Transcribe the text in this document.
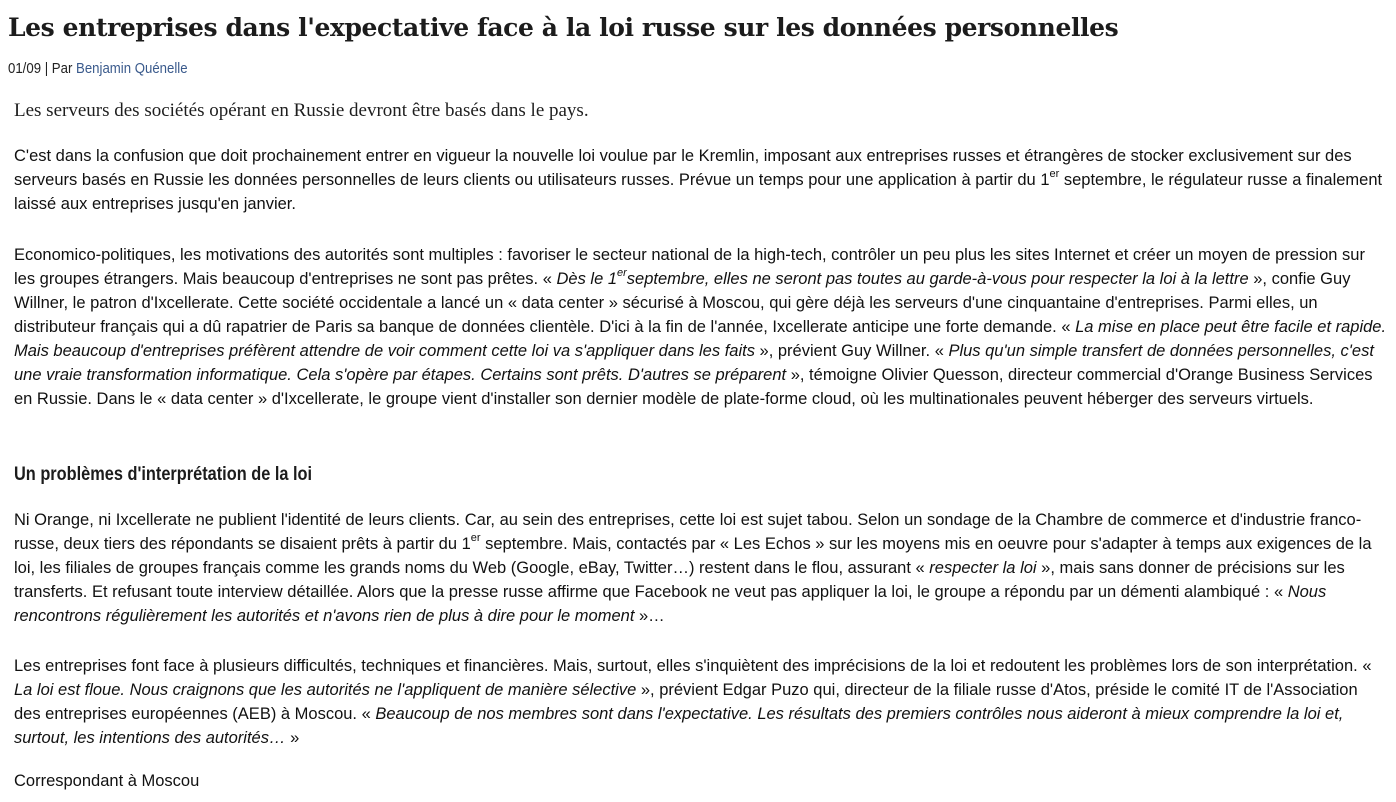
Les entreprises dans l'expectative face à la loi russe sur les données personnelles
01/09 | Par Benjamin Quénelle

Les serveurs des sociétés opérant en Russie devront être basés dans le pays.

C'est dans la confusion que doit prochainement entrer en vigueur la nouvelle loi voulue par le Kremlin, imposant aux entreprises russes et étrangères de stocker exclusivement sur des serveurs basés en Russie les données personnelles de leurs clients ou utilisateurs russes. Prévue un temps pour une application à partir du 1er septembre, le régulateur russe a finalement laissé aux entreprises jusqu'en janvier.

Economico-politiques, les motivations des autorités sont multiples : favoriser le secteur national de la high-tech, contrôler un peu plus les sites Internet et créer un moyen de pression sur les groupes étrangers. Mais beaucoup d'entreprises ne sont pas prêtes. « Dès le 1erseptembre, elles ne seront pas toutes au garde-à-vous pour respecter la loi à la lettre », confie Guy Willner, le patron d'Ixcellerate. Cette société occidentale a lancé un « data center » sécurisé à Moscou, qui gère déjà les serveurs d'une cinquantaine d'entreprises. Parmi elles, un distributeur français qui a dû rapatrier de Paris sa banque de données clientèle. D'ici à la fin de l'année, Ixcellerate anticipe une forte demande. « La mise en place peut être facile et rapide. Mais beaucoup d'entreprises préfèrent attendre de voir comment cette loi va s'appliquer dans les faits », prévient Guy Willner. « Plus qu'un simple transfert de données personnelles, c'est une vraie transformation informatique. Cela s'opère par étapes. Certains sont prêts. D'autres se préparent », témoigne Olivier Quesson, directeur commercial d'Orange Business Services en Russie. Dans le « data center » d'Ixcellerate, le groupe vient d'installer son dernier modèle de plate-forme cloud, où les multinationales peuvent héberger des serveurs virtuels.

Un problèmes d'interprétation de la loi

Ni Orange, ni Ixcellerate ne publient l'identité de leurs clients. Car, au sein des entreprises, cette loi est sujet tabou. Selon un sondage de la Chambre de commerce et d'industrie franco-russe, deux tiers des répondants se disaient prêts à partir du 1er septembre. Mais, contactés par « Les Echos » sur les moyens mis en oeuvre pour s'adapter à temps aux exigences de la loi, les filiales de groupes français comme les grands noms du Web (Google, eBay, Twitter…) restent dans le flou, assurant « respecter la loi », mais sans donner de précisions sur les transferts. Et refusant toute interview détaillée. Alors que la presse russe affirme que Facebook ne veut pas appliquer la loi, le groupe a répondu par un démenti alambiqué : « Nous rencontrons régulièrement les autorités et n'avons rien de plus à dire pour le moment »…

Les entreprises font face à plusieurs difficultés, techniques et financières. Mais, surtout, elles s'inquiètent des imprécisions de la loi et redoutent les problèmes lors de son interprétation. « La loi est floue. Nous craignons que les autorités ne l'appliquent de manière sélective », prévient Edgar Puzo qui, directeur de la filiale russe d'Atos, préside le comité IT de l'Association des entreprises européennes (AEB) à Moscou. « Beaucoup de nos membres sont dans l'expectative. Les résultats des premiers contrôles nous aideront à mieux comprendre la loi et, surtout, les intentions des autorités… »

Correspondant à Moscou
